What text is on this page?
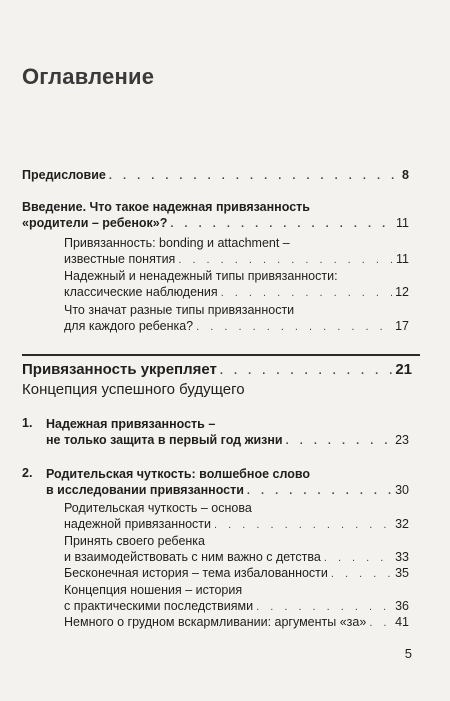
Оглавление
Предисловие . . .	8
Введение. Что такое надежная привязанность
«родители – ребенок»? . . .	11
Привязанность: bonding и attachment –
известные понятия . . .	11
Надежный и ненадежный типы привязанности:
классические наблюдения . . .	12
Что значат разные типы привязанности
для каждого ребенка? . . .	17
Привязанность укрепляет . . .	21
Концепция успешного будущего
1. Надежная привязанность –
не только защита в первый год жизни . . .	23
2. Родительская чуткость: волшебное слово
в исследовании привязанности . . .	30
Родительская чуткость – основа
надежной привязанности . . .	32
Принять своего ребенка
и взаимодействовать с ним важно с детства . . .	33
Бесконечная история – тема избалованности . . .	35
Концепция ношения – история
с практическими последствиями . . .	36
Немного о грудном вскармливании: аргументы «за» . . . 41
5
